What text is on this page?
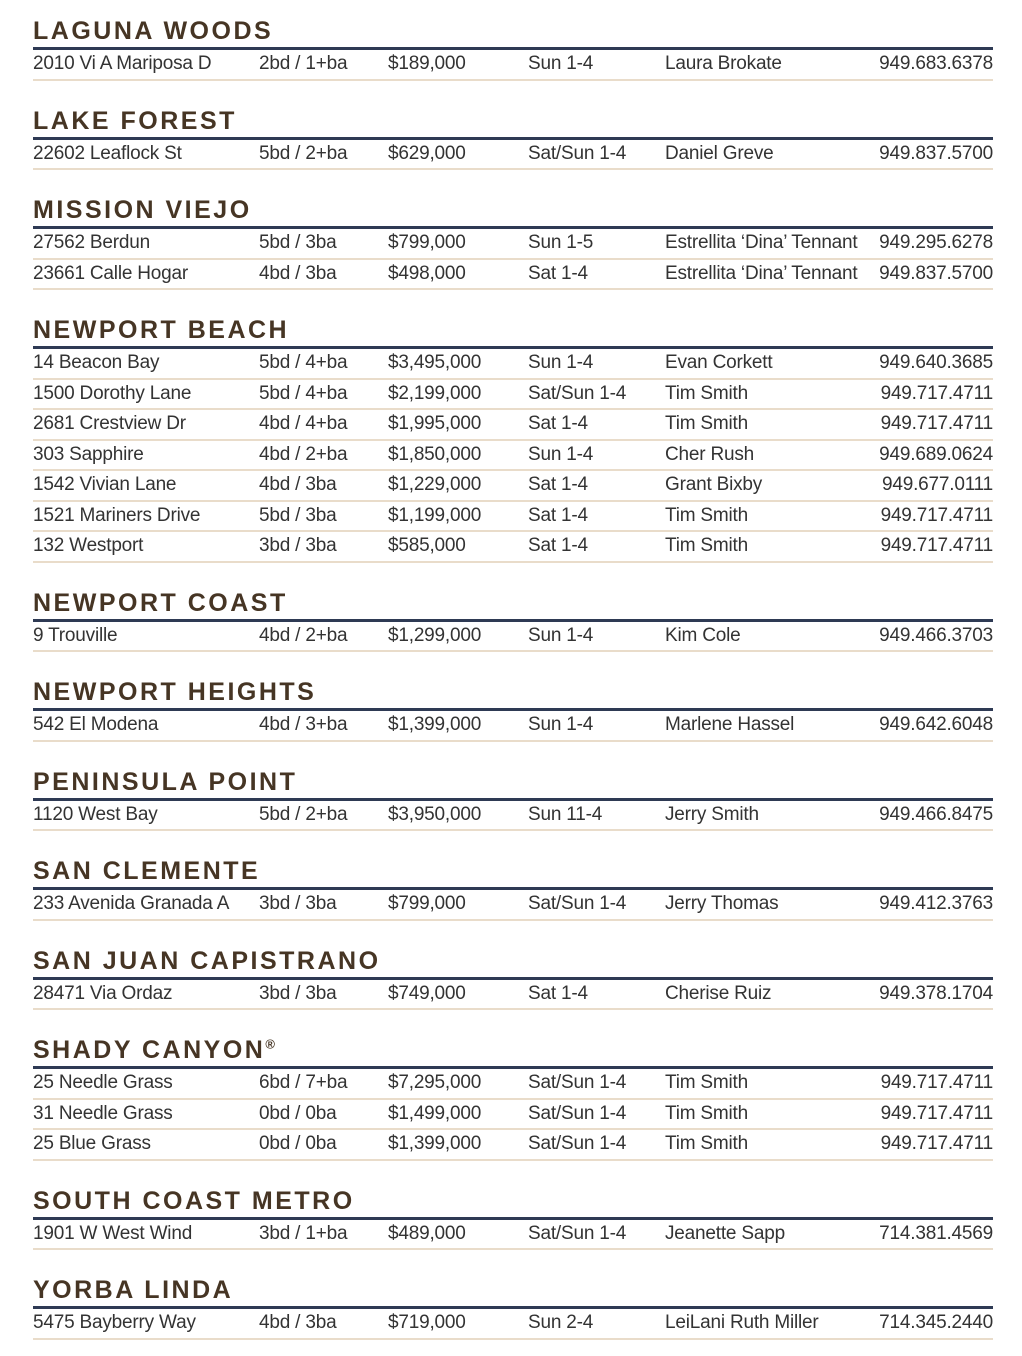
LAGUNA WOODS
2010 Vi A Mariposa D	2bd / 1+ba	$189,000	Sun 1-4	Laura Brokate	949.683.6378
LAKE FOREST
22602 Leaflock St	5bd / 2+ba	$629,000	Sat/Sun 1-4	Daniel Greve	949.837.5700
MISSION VIEJO
27562 Berdun	5bd / 3ba	$799,000	Sun 1-5	Estrellita ‘Dina’ Tennant	949.295.6278
23661 Calle Hogar	4bd / 3ba	$498,000	Sat 1-4	Estrellita ‘Dina’ Tennant	949.837.5700
NEWPORT BEACH
14 Beacon Bay	5bd / 4+ba	$3,495,000	Sun 1-4	Evan Corkett	949.640.3685
1500 Dorothy Lane	5bd / 4+ba	$2,199,000	Sat/Sun 1-4	Tim Smith	949.717.4711
2681 Crestview Dr	4bd / 4+ba	$1,995,000	Sat 1-4	Tim Smith	949.717.4711
303 Sapphire	4bd / 2+ba	$1,850,000	Sun 1-4	Cher Rush	949.689.0624
1542 Vivian Lane	4bd / 3ba	$1,229,000	Sat 1-4	Grant Bixby	949.677.0111
1521 Mariners Drive	5bd / 3ba	$1,199,000	Sat 1-4	Tim Smith	949.717.4711
132 Westport	3bd / 3ba	$585,000	Sat 1-4	Tim Smith	949.717.4711
NEWPORT COAST
9 Trouville	4bd / 2+ba	$1,299,000	Sun 1-4	Kim Cole	949.466.3703
NEWPORT HEIGHTS
542 El Modena	4bd / 3+ba	$1,399,000	Sun 1-4	Marlene Hassel	949.642.6048
PENINSULA POINT
1120 West Bay	5bd / 2+ba	$3,950,000	Sun 11-4	Jerry Smith	949.466.8475
SAN CLEMENTE
233 Avenida Granada A	3bd / 3ba	$799,000	Sat/Sun 1-4	Jerry Thomas	949.412.3763
SAN JUAN CAPISTRANO
28471 Via Ordaz	3bd / 3ba	$749,000	Sat 1-4	Cherise Ruiz	949.378.1704
SHADY CANYON®
25 Needle Grass	6bd / 7+ba	$7,295,000	Sat/Sun 1-4	Tim Smith	949.717.4711
31 Needle Grass	0bd / 0ba	$1,499,000	Sat/Sun 1-4	Tim Smith	949.717.4711
25 Blue Grass	0bd / 0ba	$1,399,000	Sat/Sun 1-4	Tim Smith	949.717.4711
SOUTH COAST METRO
1901 W West Wind	3bd / 1+ba	$489,000	Sat/Sun 1-4	Jeanette Sapp	714.381.4569
YORBA LINDA
5475 Bayberry Way	4bd / 3ba	$719,000	Sun 2-4	LeiLani Ruth Miller	714.345.2440
